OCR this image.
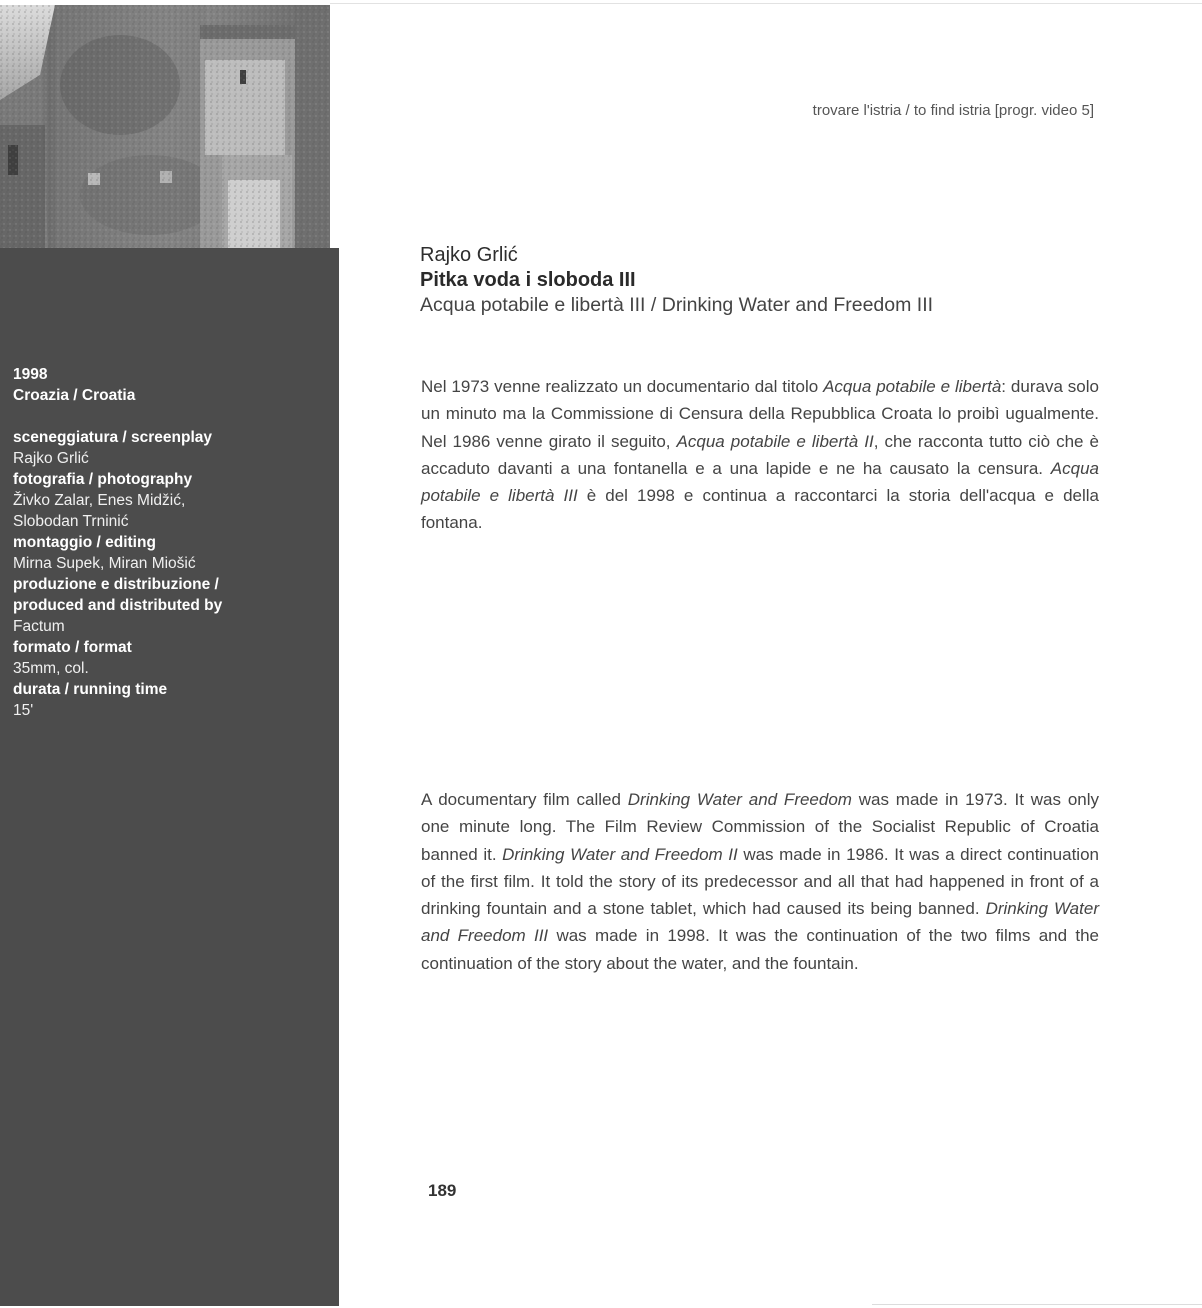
1998
Croazia / Croatia
sceneggiatura / screenplay
Rajko Grlić
fotografia / photography
Živko Zalar, Enes Midžić,
Slobodan Trninić
montaggio / editing
Mirna Supek, Miran Miošić
produzione e distribuzione /
produced and distributed by
Factum
formato / format
35mm, col.
durata / running time
15'
trovare l'istria / to find istria [progr. video 5]
Rajko Grlić
Pitka voda i sloboda III
Acqua potabile e libertà III / Drinking Water and Freedom III

Nel 1973 venne realizzato un documentario dal titolo Acqua potabile e libertà: durava solo un minuto ma la Commissione di Censura della Repubblica Croata lo proibì ugualmente. Nel 1986 venne girato il seguito, Acqua potabile e libertà II, che racconta tutto ciò che è accaduto davanti a una fontanella e a una lapide e ne ha causato la censura. Acqua potabile e libertà III è del 1998 e continua a raccontarci la storia dell'acqua e della fontana.

A documentary film called Drinking Water and Freedom was made in 1973. It was only one minute long. The Film Review Commission of the Socialist Republic of Croatia banned it. Drinking Water and Freedom II was made in 1986. It was a direct continuation of the first film. It told the story of its predecessor and all that had happened in front of a drinking fountain and a stone tablet, which had caused its being banned. Drinking Water and Freedom III was made in 1998. It was the continuation of the two films and the continuation of the story about the water, and the fountain.

189
